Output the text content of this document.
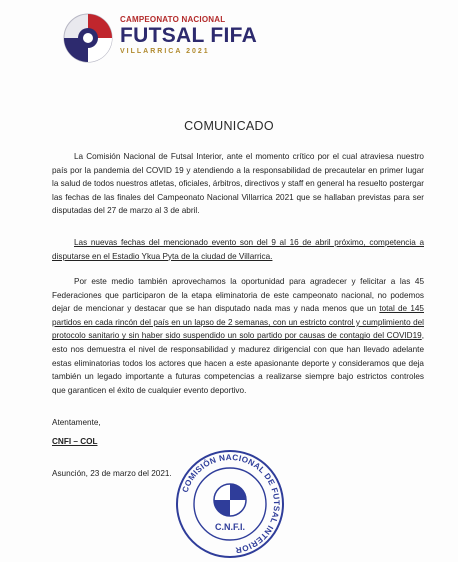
CAMPEONATO NACIONAL
FUTSAL FIFA
VILLARRICA 2021
COMUNICADO
La Comisión Nacional de Futsal Interior, ante el momento crítico por el cual atraviesa nuestro país por la pandemia del COVID 19 y atendiendo a la responsabilidad de precautelar en primer lugar la salud de todos nuestros atletas, oficiales, árbitros, directivos y staff en general ha resuelto postergar las fechas de las finales del Campeonato Nacional Villarrica 2021 que se hallaban previstas para ser disputadas del 27 de marzo al 3 de abril.
Las nuevas fechas del mencionado evento son del 9 al 16 de abril próximo, competencia a disputarse en el Estadio Ykua Pyta de la ciudad de Villarrica.
Por este medio también aprovechamos la oportunidad para agradecer y felicitar a las 45 Federaciones que participaron de la etapa eliminatoria de este campeonato nacional, no podemos dejar de mencionar y destacar que se han disputado nada mas y nada menos que un total de 145 partidos en cada rincón del país en un lapso de 2 semanas, con un estricto control y cumplimiento del protocolo sanitario y sin haber sido suspendido un solo partido por causas de contagio del COVID19, esto nos demuestra el nivel de responsabilidad y madurez dirigencial con que han llevado adelante estas eliminatorias todos los actores que hacen a este apasionante deporte y consideramos que deja también un legado importante a futuras competencias a realizarse siempre bajo estrictos controles que garanticen el éxito de cualquier evento deportivo.
Atentamente,
CNFI – COL
Asunción, 23 de marzo del 2021.
COMISIÓN NACIONAL DE FUTSAL INTERIOR
C.N.F.I.
